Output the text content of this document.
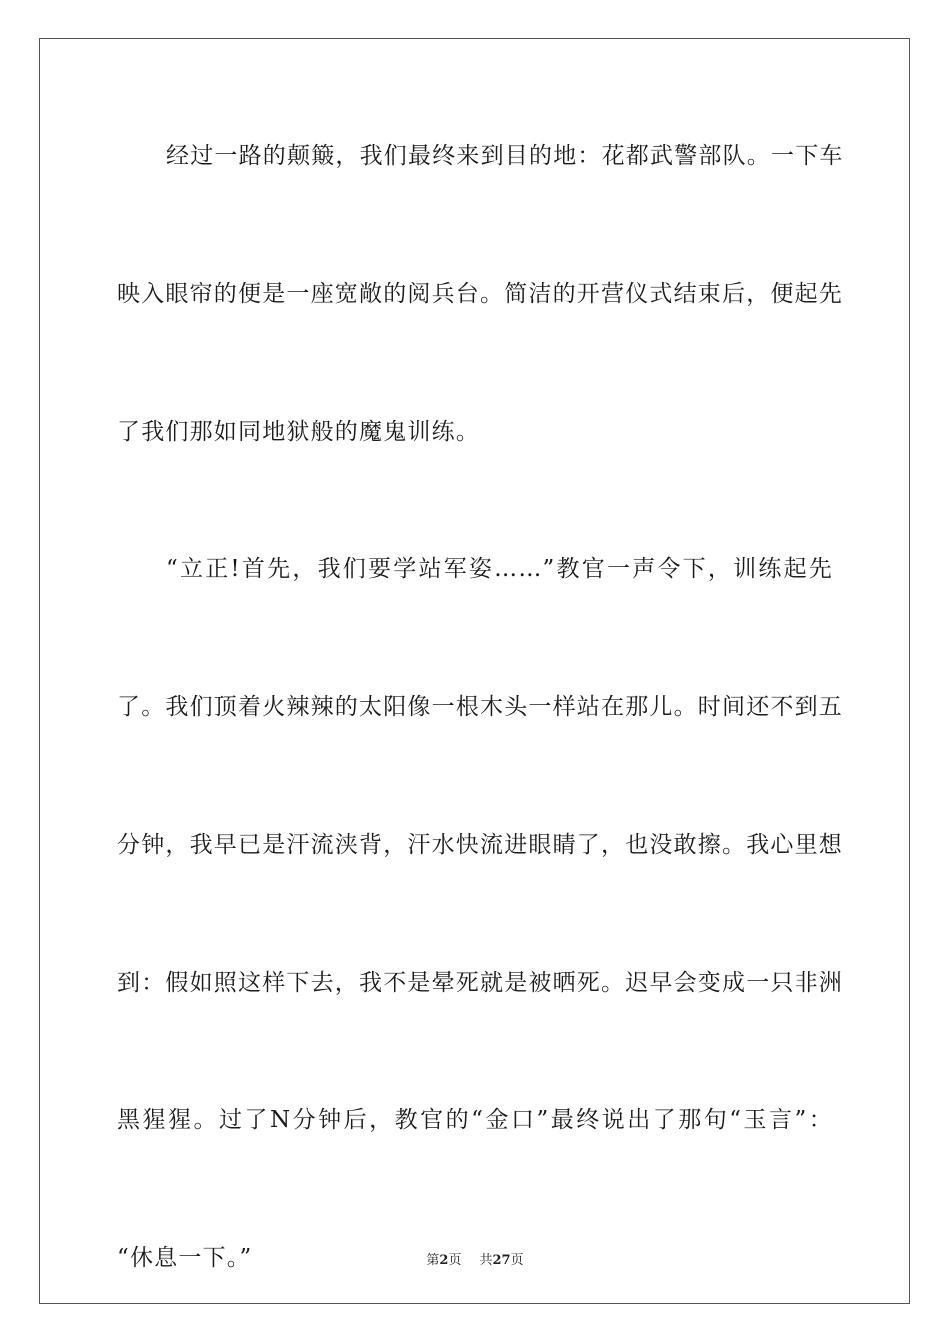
经过一路的颠簸，我们最终来到目的地：花都武警部队。一下车
映入眼帘的便是一座宽敞的阅兵台。简洁的开营仪式结束后，便起先
了我们那如同地狱般的魔鬼训练。
“立正!首先，我们要学站军姿……”教官一声令下，训练起先
了。我们顶着火辣辣的太阳像一根木头一样站在那儿。时间还不到五
分钟，我早已是汗流浃背，汗水快流进眼睛了，也没敢擦。我心里想
到：假如照这样下去，我不是晕死就是被晒死。迟早会变成一只非洲
黑猩猩。过了N分钟后，教官的“金口”最终说出了那句“玉言”：
“休息一下。”	第2页 共27页
